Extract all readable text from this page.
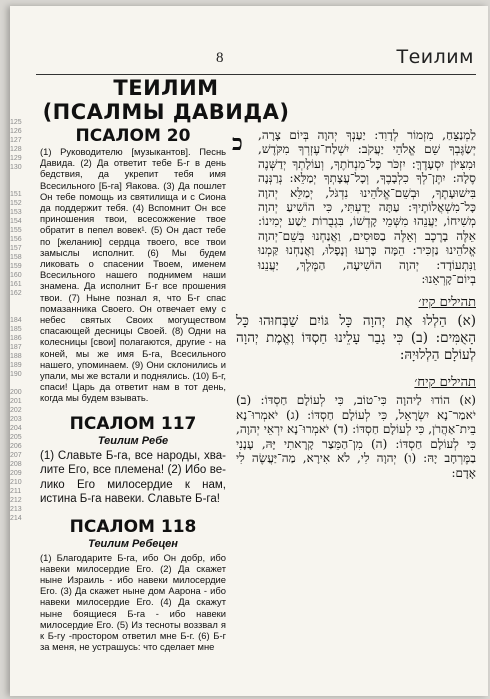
125
126
127
128
129
130

151
152
153
154
155
156
157
158
159
160
161
162

184
185
186
187
188
189
190

200
201
202
203
204
205
206
207
208
209
210
211
212
213
214
8	Теилим
ТЕИЛИМ
(ПСАЛМЫ ДАВИДА)
ПСАЛОМ 20

(1) Руководителю [музыкантов]. Песнь Давида. (2) Да ответит тебе Б-г в день бедствия, да укрепит тебя имя Всесильного [Б-га] Яакова. (3) Да пошлет Он тебе помощь из святилища и с Сиона да поддержит тебя. (4) Вспомнит Он все приношения твои, всесожжение твое обратит в пепел вовек¹. (5) Он даст тебе по [желанию] сердца твоего, все твои замыслы исполнит. (6) Мы будем ликовать о спасении Твоем, именем Всесильного нашего поднимем наши знамена. Да исполнит Б-г все прошения твои. (7) Ныне познал я, что Б-г спас помазанника Своего. Он отвечает ему с небес святых Своих могуществом спасающей десницы Своей. (8) Одни на колесницы [свои] полагаются, другие - на коней, мы же имя Б-га, Всесильного нашего, упоминаем. (9) Они склонились и упали, мы же встали и поднялись. (10) Б-г, спаси! Царь да ответит нам в тот день, когда мы будем взывать.

ПСАЛОМ 117
Теилим Ребе

(1) Славьте Б-га, все народы, хвалите Его, все племена! (2) Ибо велико Его милосердие к нам, истина Б-га навеки. Славьте Б-га!

ПСАЛОМ 118
Теилим Ребецен

(1) Благодарите Б-га, ибо Он добр, ибо навеки милосердие Его. (2) Да скажет ныне Израиль - ибо навеки милосердие Его. (3) Да скажет ныне дом Аарона - ибо навеки милосердие Его. (4) Да скажут ныне боящиеся Б-га - ибо навеки милосердие Его. (5) Из тесноты воззвал я к Б-гу -простором ответил мне Б-г. (6) Б-г за меня, не устрашусь: что сделает мне

כ לַמְנַצֵּחַ, מִזְמוֹר לְדָוִד: יַעַנְךָ יְהוָה בְּיוֹם צָרָה, יְשַׂגֶּבְךָ שֵׁם אֱלֹהֵי יַעֲקֹב: יִשְׁלַח־עֶזְרְךָ מִקֹּדֶשׁ, וּמִצִּיּוֹן יִסְעָדֶךָּ: יִזְכֹּר כָּל־מִנְחֹתֶךָ, וְעוֹלָתְךָ יְדַשְּׁנֶה סֶלָה: יִתֶּן־לְךָ כִלְבָבֶךָ, וְכָל־עֲצָתְךָ יְמַלֵּא: נְרַנְּנָה בִּישׁוּעָתֶךָ, וּבְשֵׁם־אֱלֹהֵינוּ נִדְגֹּל, יְמַלֵּא יְהוָה כָּל־מִשְׁאֲלוֹתֶיךָ: עַתָּה יָדַעְתִּי, כִּי הוֹשִׁיעַ יְהוָה מְשִׁיחוֹ, יַעֲנֵהוּ מִשְּׁמֵי קָדְשׁוֹ, בִּגְבֻרוֹת יֵשַׁע יְמִינוֹ: אֵלֶּה בָרֶכֶב וְאֵלֶּה בַסּוּסִים, וַאֲנַחְנוּ בְּשֵׁם־יְהוָה אֱלֹהֵינוּ נַזְכִּיר: הֵמָּה כָּרְעוּ וְנָפָלוּ, וַאֲנַחְנוּ קַּמְנוּ וַנִּתְעוֹדָד: יְהוָה הוֹשִׁיעָה, הַמֶּלֶךְ, יַעֲנֵנוּ בְיוֹם־קָרְאֵנוּ:

תהילים קיז׳

(א) הַלְלוּ אֶת יְהוָה כָּל גּוֹיִם שַׁבְּחוּהוּ כָּל הָאֻמִּים: (ב) כִּי גָבַר עָלֵינוּ חַסְדּוֹ וֶאֱמֶת יְהוָה לְעוֹלָם הַלְלוּיָהּ:

תהילים קיח׳

(א) הוֹדוּ לַיהוָה כִּי־טוֹב, כִּי לְעוֹלָם חַסְדּוֹ: (ב) יֹאמַר־נָא יִשְׂרָאֵל, כִּי לְעוֹלָם חַסְדּוֹ: (ג) יֹאמְרוּ־נָא בֵית־אַהֲרֹן, כִּי לְעוֹלָם חַסְדּוֹ: (ד) יֹאמְרוּ־נָא יִרְאֵי יְהוָה, כִּי לְעוֹלָם חַסְדּוֹ: (ה) מִן־הַמֵּצַר קָרָאתִי יָּהּ, עָנָנִי בַמֶּרְחָב יָהּ: (ו) יְהוָה לִי, לֹא אִירָא, מַה־יַּעֲשֶׂה לִי אָדָם:
